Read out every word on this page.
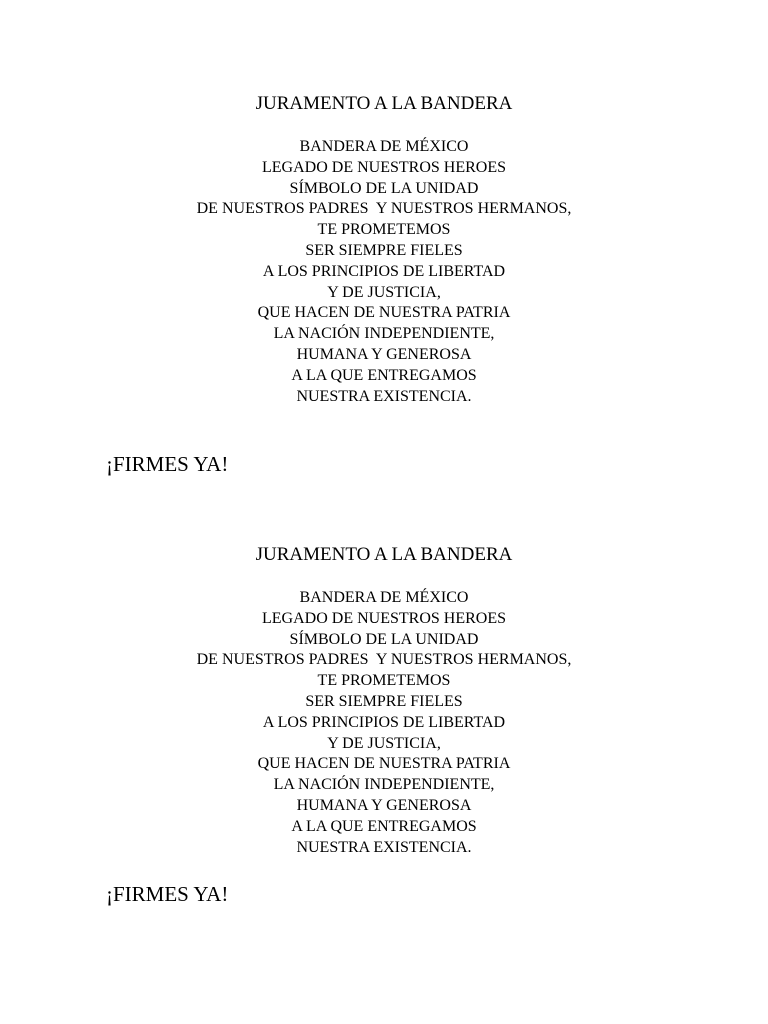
JURAMENTO A LA BANDERA
BANDERA DE MÉXICO
LEGADO DE NUESTROS HEROES
SÍMBOLO DE LA UNIDAD
DE NUESTROS PADRES  Y NUESTROS HERMANOS,
TE PROMETEMOS
SER SIEMPRE FIELES
A LOS PRINCIPIOS DE LIBERTAD
Y DE JUSTICIA,
QUE HACEN DE NUESTRA PATRIA
LA NACIÓN INDEPENDIENTE,
HUMANA Y GENEROSA
A LA QUE ENTREGAMOS
NUESTRA EXISTENCIA.
¡FIRMES YA!
JURAMENTO A LA BANDERA
BANDERA DE MÉXICO
LEGADO DE NUESTROS HEROES
SÍMBOLO DE LA UNIDAD
DE NUESTROS PADRES  Y NUESTROS HERMANOS,
TE PROMETEMOS
SER SIEMPRE FIELES
A LOS PRINCIPIOS DE LIBERTAD
Y DE JUSTICIA,
QUE HACEN DE NUESTRA PATRIA
LA NACIÓN INDEPENDIENTE,
HUMANA Y GENEROSA
A LA QUE ENTREGAMOS
NUESTRA EXISTENCIA.
¡FIRMES YA!
